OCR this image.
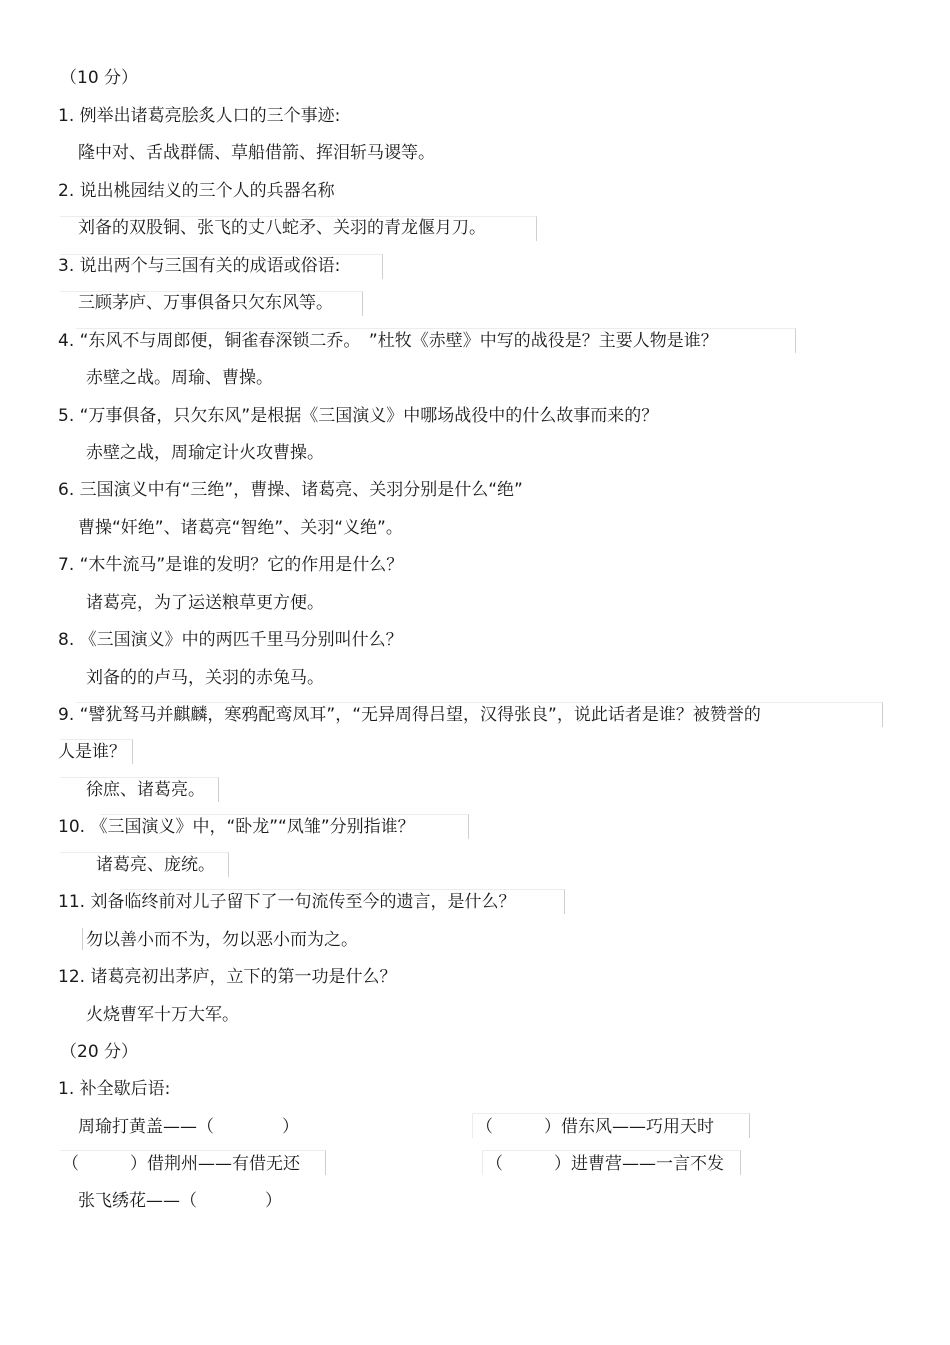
（10 分）
1. 例举出诸葛亮脍炙人口的三个事迹:
隆中对、舌战群儒、草船借箭、挥泪斩马谡等。
2. 说出桃园结义的三个人的兵器名称
刘备的双股铜、张飞的丈八蛇矛、关羽的青龙偃月刀。
3. 说出两个与三国有关的成语或俗语:
三顾茅庐、万事俱备只欠东风等。
4. “东风不与周郎便，铜雀春深锁二乔。　”杜牧《赤壁》中写的战役是？主要人物是谁？
赤壁之战。周瑜、曹操。
5. “万事俱备，只欠东风”是根据《三国演义》中哪场战役中的什么故事而来的？
赤壁之战，周瑜定计火攻曹操。
6. 三国演义中有“三绝”，曹操、诸葛亮、关羽分别是什么“绝”
曹操“奸绝”、诸葛亮“智绝”、关羽“义绝”。
7. “木牛流马”是谁的发明？它的作用是什么？
诸葛亮，为了运送粮草更方便。
8. 《三国演义》中的两匹千里马分别叫什么？
刘备的的卢马，关羽的赤兔马。
9. “譬犹驽马并麒麟，寒鸦配鸾凤耳”，“无异周得吕望，汉得张良”，说此话者是谁？被赞誉的
人是谁？
徐庶、诸葛亮。
10. 《三国演义》中，“卧龙”“凤雏”分别指谁？
诸葛亮、庞统。
11. 刘备临终前对儿子留下了一句流传至今的遗言，是什么？
勿以善小而不为，勿以恶小而为之。
12. 诸葛亮初出茅庐，立下的第一功是什么？
火烧曹军十万大军。
（20 分）
1. 补全歇后语:
周瑜打黄盖——（　　　　）	（　　　）借东风——巧用天时
（　　　）借荆州——有借无还	（　　　）进曹营——一言不发
张飞绣花——（　　　　）
